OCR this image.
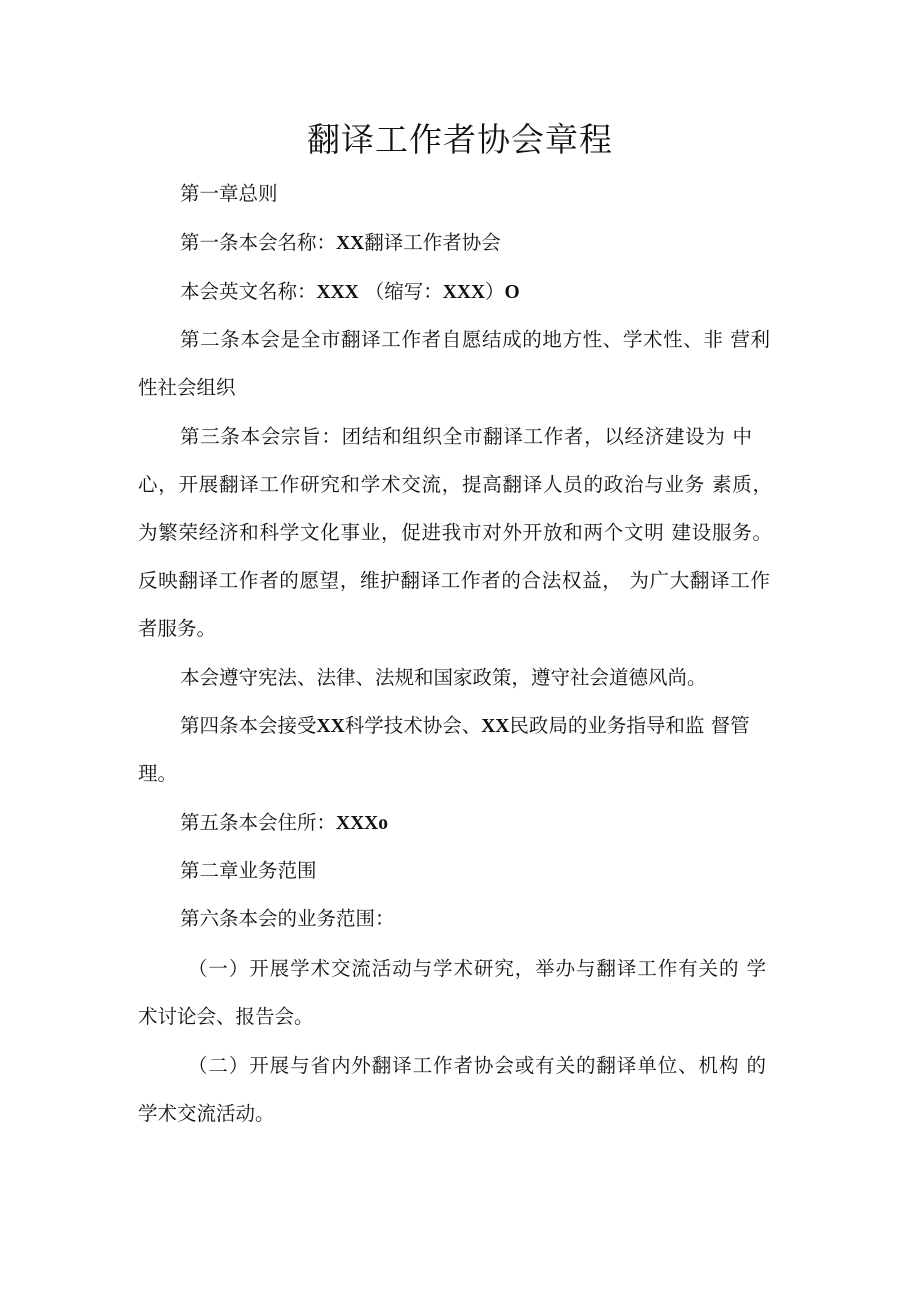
翻译工作者协会章程
第一章总则
第一条本会名称：XX翻译工作者协会
本会英文名称：XXX （缩写：XXX）O
第二条本会是全市翻译工作者自愿结成的地方性、学术性、非 营利
性社会组织
第三条本会宗旨：团结和组织全市翻译工作者，以经济建设为 中
心，开展翻译工作研究和学术交流，提高翻译人员的政治与业务 素质，
为繁荣经济和科学文化事业，促进我市对外开放和两个文明 建设服务。
反映翻译工作者的愿望，维护翻译工作者的合法权益， 为广大翻译工作
者服务。
本会遵守宪法、法律、法规和国家政策，遵守社会道德风尚。
第四条本会接受XX科学技术协会、XX民政局的业务指导和监 督管
理。
第五条本会住所：XXXo
第二章业务范围
第六条本会的业务范围：
（一）开展学术交流活动与学术研究，举办与翻译工作有关的 学
术讨论会、报告会。
（二）开展与省内外翻译工作者协会或有关的翻译单位、机构 的
学术交流活动。
